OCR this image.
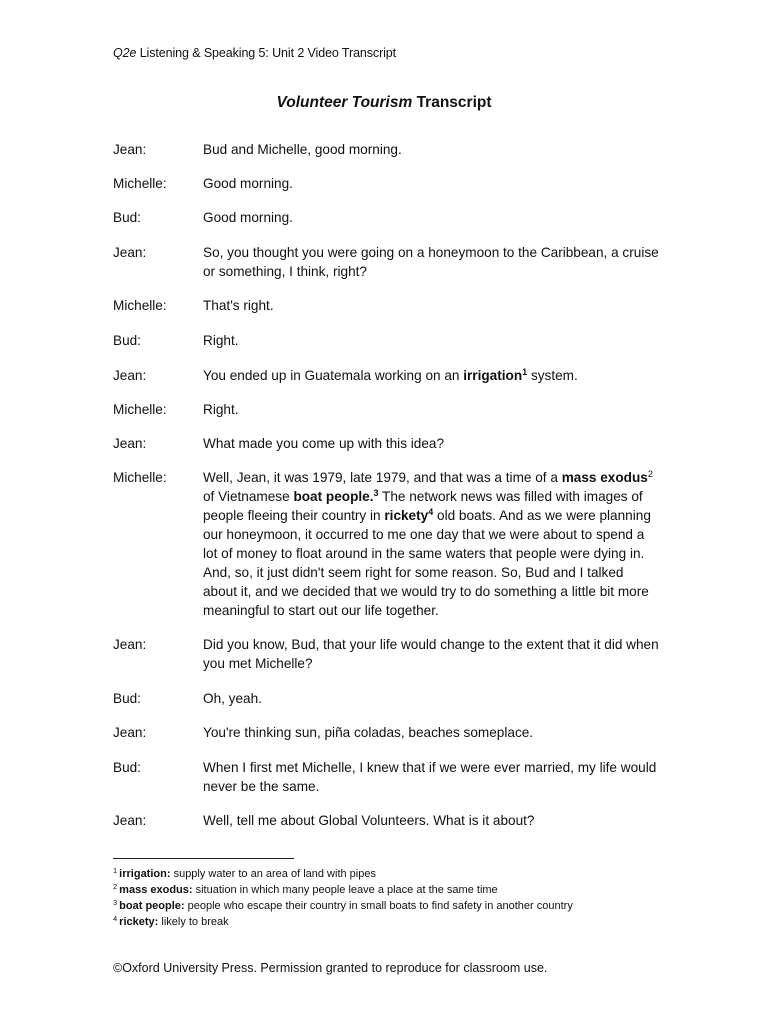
Q2e Listening & Speaking 5: Unit 2 Video Transcript
Volunteer Tourism Transcript
Jean:	Bud and Michelle, good morning.
Michelle:	Good morning.
Bud:	Good morning.
Jean:	So, you thought you were going on a honeymoon to the Caribbean, a cruise or something, I think, right?
Michelle:	That's right.
Bud:	Right.
Jean:	You ended up in Guatemala working on an irrigation$^1$ system.
Michelle:	Right.
Jean:	What made you come up with this idea?
Michelle:	Well, Jean, it was 1979, late 1979, and that was a time of a mass exodus$^2$ of Vietnamese boat people.$^3$ The network news was filled with images of people fleeing their country in rickety$^4$ old boats. And as we were planning our honeymoon, it occurred to me one day that we were about to spend a lot of money to float around in the same waters that people were dying in. And, so, it just didn't seem right for some reason. So, Bud and I talked about it, and we decided that we would try to do something a little bit more meaningful to start out our life together.
Jean:	Did you know, Bud, that your life would change to the extent that it did when you met Michelle?
Bud:	Oh, yeah.
Jean:	You're thinking sun, piña coladas, beaches someplace.
Bud:	When I first met Michelle, I knew that if we were ever married, my life would never be the same.
Jean:	Well, tell me about Global Volunteers. What is it about?
$^1$ irrigation: supply water to an area of land with pipes
$^2$ mass exodus: situation in which many people leave a place at the same time
$^3$ boat people: people who escape their country in small boats to find safety in another country
$^4$ rickety: likely to break
©Oxford University Press. Permission granted to reproduce for classroom use.
